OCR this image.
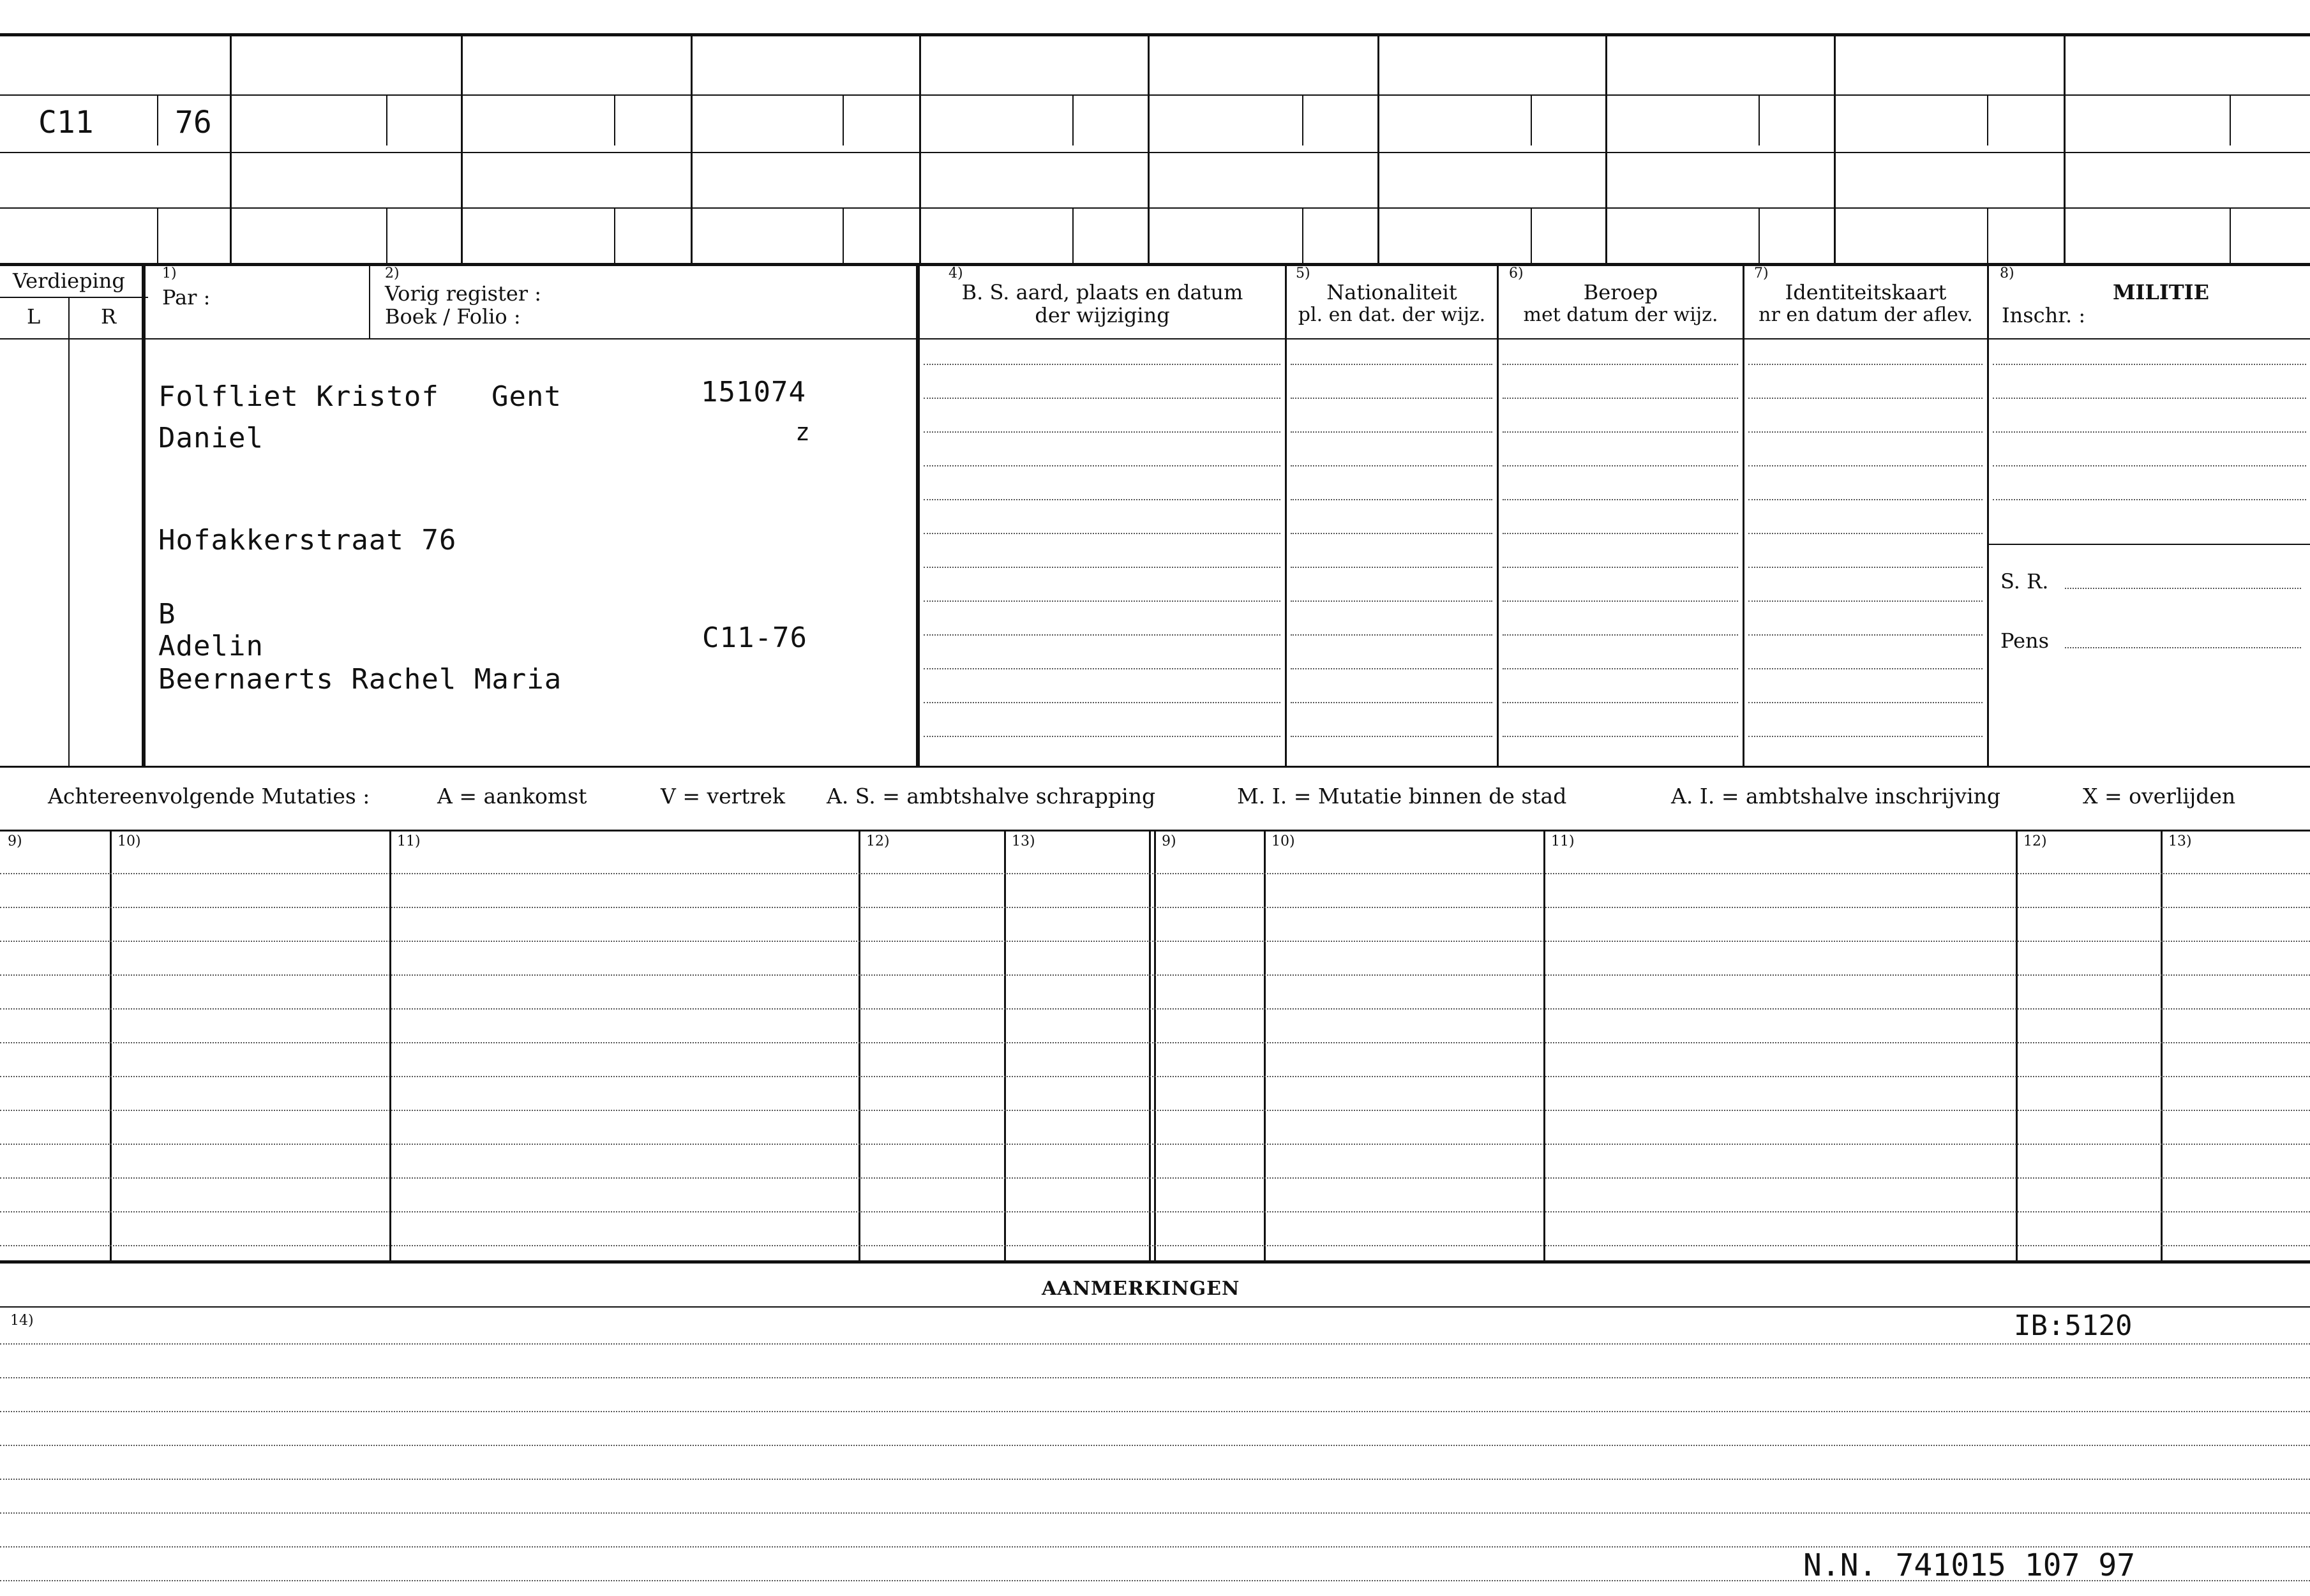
C11	76
Verdieping
L	R
1)
Par :
2)
Vorig register :
Boek / Folio :
4)
B. S. aard, plaats en datum
der wijziging
5)
Nationaliteit
pl. en dat. der wijz.
6)
Beroep
met datum der wijz.
7)
Identiteitskaart
nr en datum der aflev.
8)
MILITIE
Inschr. :
S. R.
Pens
Folfliet Kristof Gent	151074
Daniel	z
Hofakkerstraat 76
B
Adelin	C11-76
Beernaerts Rachel Maria
Achtereenvolgende Mutaties :	A = aankomst	V = vertrek A. S. = ambtshalve schrapping	M. I. = Mutatie binnen de stad	A. I. = ambtshalve inschrijving	X = overlijden
9)	10)	11)	12)	13)	9)	10)	11)	12)	13)
AANMERKINGEN
14)	IB:5120
N.N. 741015 107 97
